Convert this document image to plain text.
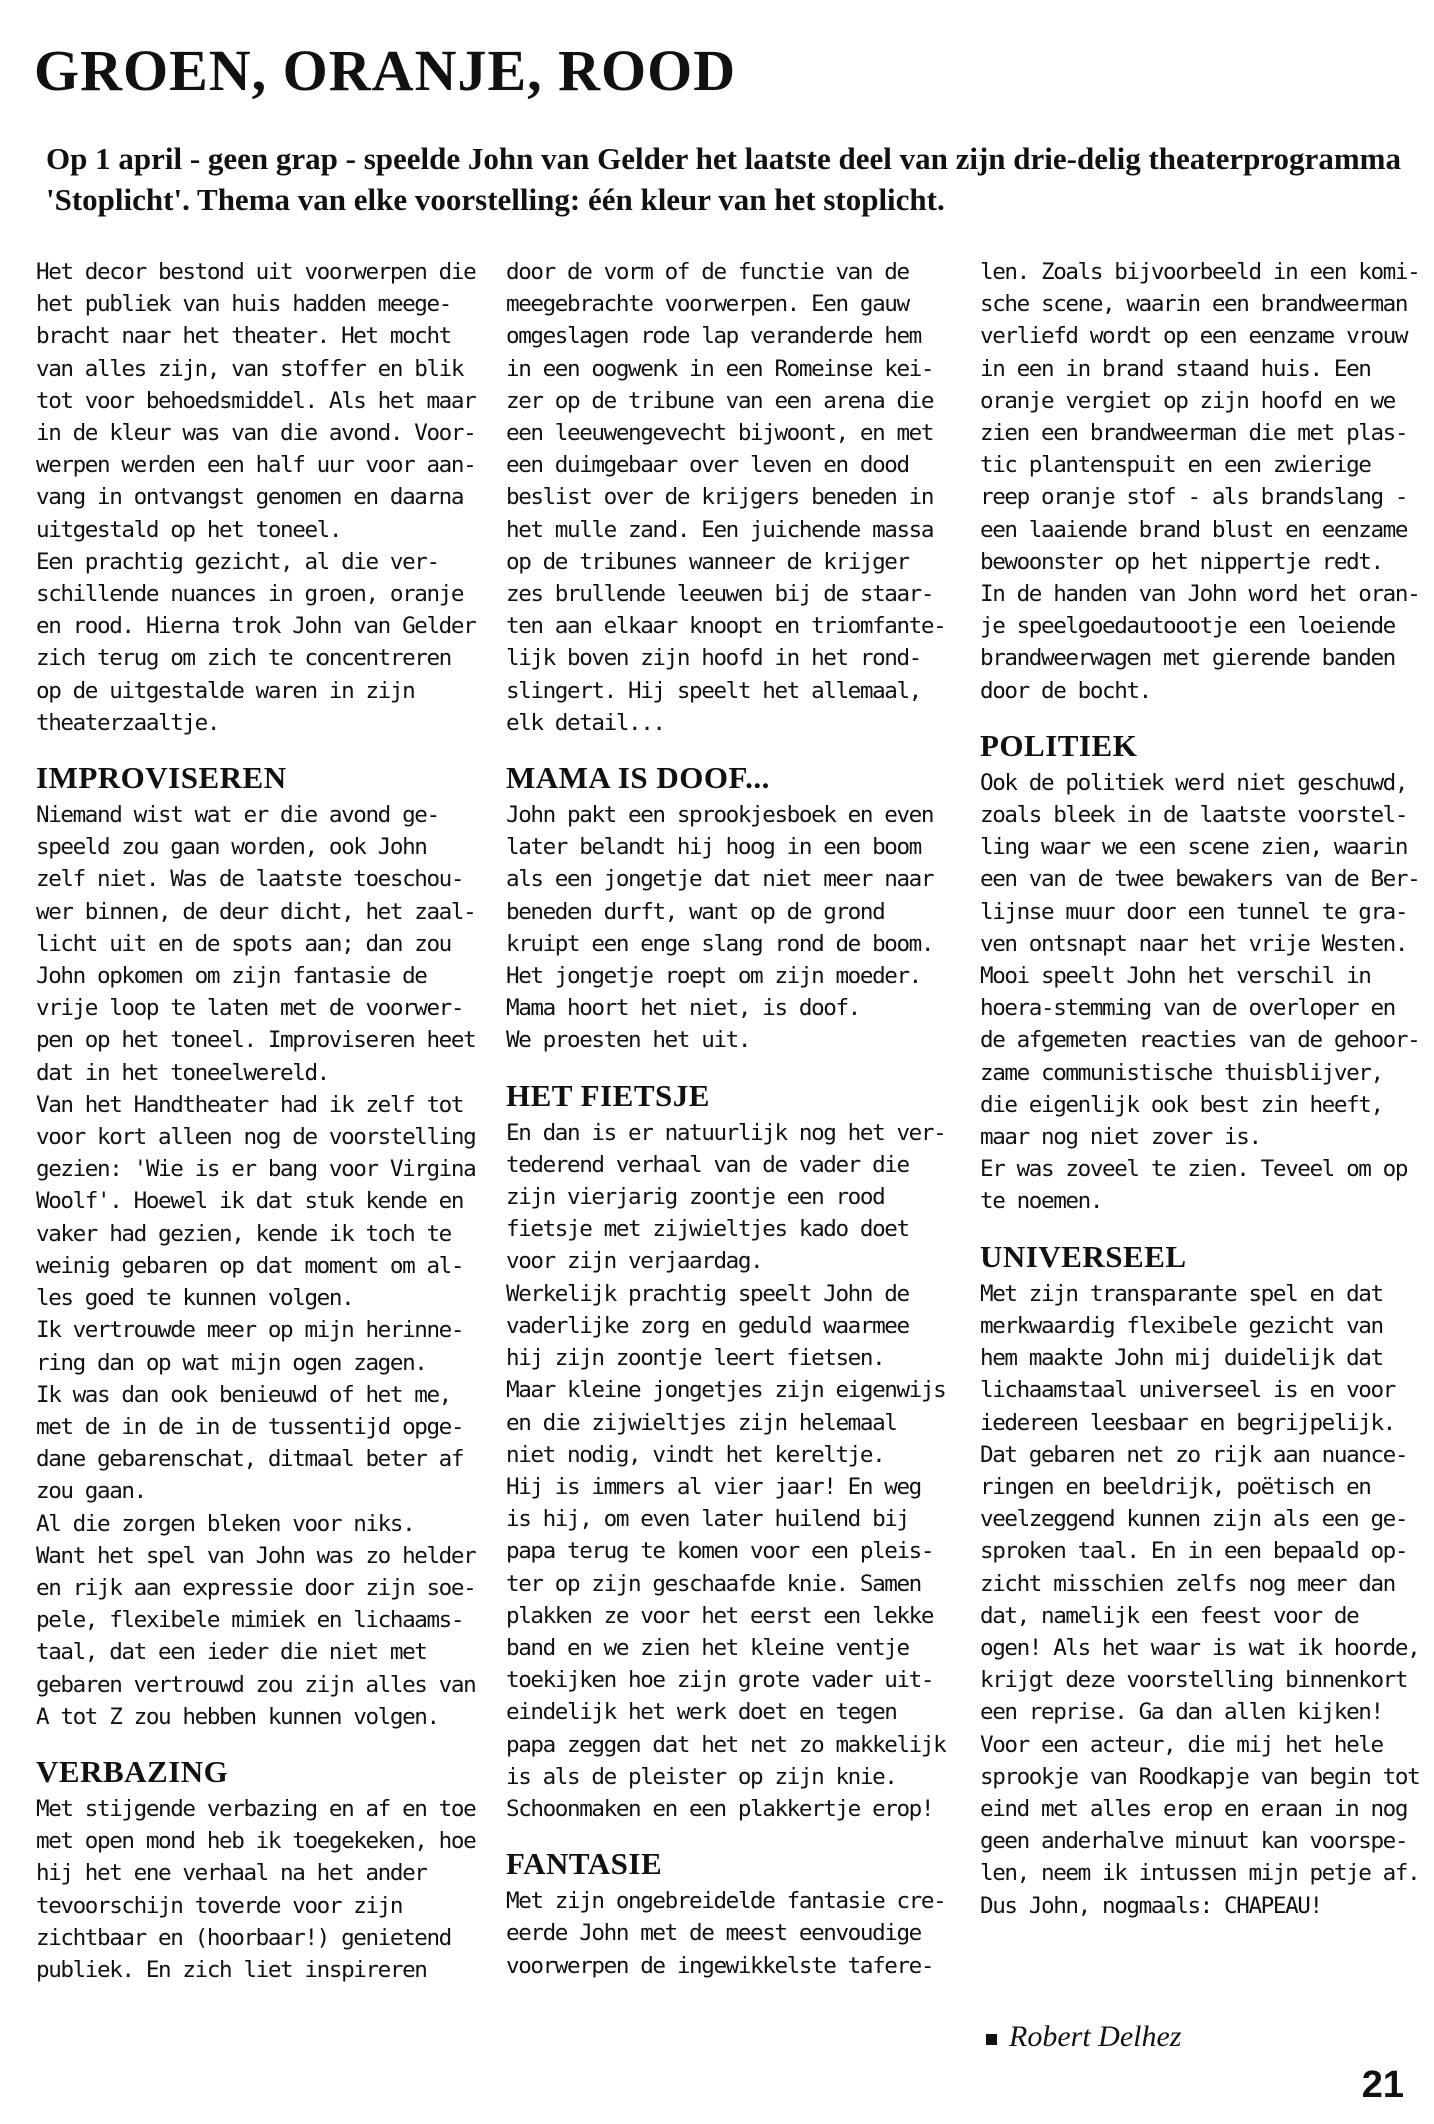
GROEN, ORANJE, ROOD

Op 1 april - geen grap - speelde John van Gelder het laatste deel van zijn drie-delig theaterprogramma 'Stoplicht'. Thema van elke voorstelling: één kleur van het stoplicht.

Het decor bestond uit voorwerpen die
het publiek van huis hadden meege-
bracht naar het theater. Het mocht
van alles zijn, van stoffer en blik
tot voor behoedsmiddel. Als het maar
in de kleur was van die avond. Voor-
werpen werden een half uur voor aan-
vang in ontvangst genomen en daarna
uitgestald op het toneel.
Een prachtig gezicht, al die ver-
schillende nuances in groen, oranje
en rood. Hierna trok John van Gelder
zich terug om zich te concentreren
op de uitgestalde waren in zijn
theaterzaaltje.

IMPROVISEREN

Niemand wist wat er die avond ge-
speeld zou gaan worden, ook John
zelf niet. Was de laatste toeschou-
wer binnen, de deur dicht, het zaal-
licht uit en de spots aan; dan zou
John opkomen om zijn fantasie de
vrije loop te laten met de voorwer-
pen op het toneel. Improviseren heet
dat in het toneelwereld.
Van het Handtheater had ik zelf tot
voor kort alleen nog de voorstelling
gezien: 'Wie is er bang voor Virgina
Woolf'. Hoewel ik dat stuk kende en
vaker had gezien, kende ik toch te
weinig gebaren op dat moment om al-
les goed te kunnen volgen.
Ik vertrouwde meer op mijn herinne-
ring dan op wat mijn ogen zagen.
Ik was dan ook benieuwd of het me,
met de in de in de tussentijd opge-
dane gebarenschat, ditmaal beter af
zou gaan.
Al die zorgen bleken voor niks.
Want het spel van John was zo helder
en rijk aan expressie door zijn soe-
pele, flexibele mimiek en lichaams-
taal, dat een ieder die niet met
gebaren vertrouwd zou zijn alles van
A tot Z zou hebben kunnen volgen.

VERBAZING

Met stijgende verbazing en af en toe
met open mond heb ik toegekeken, hoe
hij het ene verhaal na het ander
tevoorschijn toverde voor zijn
zichtbaar en (hoorbaar!) genietend
publiek. En zich liet inspireren

door de vorm of de functie van de
meegebrachte voorwerpen. Een gauw
omgeslagen rode lap veranderde hem
in een oogwenk in een Romeinse kei-
zer op de tribune van een arena die
een leeuwengevecht bijwoont, en met
een duimgebaar over leven en dood
beslist over de krijgers beneden in
het mulle zand. Een juichende massa
op de tribunes wanneer de krijger
zes brullende leeuwen bij de staar-
ten aan elkaar knoopt en triomfante-
lijk boven zijn hoofd in het rond-
slingert. Hij speelt het allemaal,
elk detail...

MAMA IS DOOF...

John pakt een sprookjesboek en even
later belandt hij hoog in een boom
als een jongetje dat niet meer naar
beneden durft, want op de grond
kruipt een enge slang rond de boom.
Het jongetje roept om zijn moeder.
Mama hoort het niet, is doof.
We proesten het uit.

HET FIETSJE

En dan is er natuurlijk nog het ver-
tederend verhaal van de vader die
zijn vierjarig zoontje een rood
fietsje met zijwieltjes kado doet
voor zijn verjaardag.
Werkelijk prachtig speelt John de
vaderlijke zorg en geduld waarmee
hij zijn zoontje leert fietsen.
Maar kleine jongetjes zijn eigenwijs
en die zijwieltjes zijn helemaal
niet nodig, vindt het kereltje.
Hij is immers al vier jaar! En weg
is hij, om even later huilend bij
papa terug te komen voor een pleis-
ter op zijn geschaafde knie. Samen
plakken ze voor het eerst een lekke
band en we zien het kleine ventje
toekijken hoe zijn grote vader uit-
eindelijk het werk doet en tegen
papa zeggen dat het net zo makkelijk
is als de pleister op zijn knie.
Schoonmaken en een plakkertje erop!

FANTASIE

Met zijn ongebreidelde fantasie cre-
eerde John met de meest eenvoudige
voorwerpen de ingewikkelste tafere-

len. Zoals bijvoorbeeld in een komi-
sche scene, waarin een brandweerman
verliefd wordt op een eenzame vrouw
in een in brand staand huis. Een
oranje vergiet op zijn hoofd en we
zien een brandweerman die met plas-
tic plantenspuit en een zwierige
reep oranje stof - als brandslang -
een laaiende brand blust en eenzame
bewoonster op het nippertje redt.
In de handen van John word het oran-
je speelgoedautoootje een loeiende
brandweerwagen met gierende banden
door de bocht.

POLITIEK

Ook de politiek werd niet geschuwd,
zoals bleek in de laatste voorstel-
ling waar we een scene zien, waarin
een van de twee bewakers van de Ber-
lijnse muur door een tunnel te gra-
ven ontsnapt naar het vrije Westen.
Mooi speelt John het verschil in
hoera-stemming van de overloper en
de afgemeten reacties van de gehoor-
zame communistische thuisblijver,
die eigenlijk ook best zin heeft,
maar nog niet zover is.
Er was zoveel te zien. Teveel om op
te noemen.

UNIVERSEEL

Met zijn transparante spel en dat
merkwaardig flexibele gezicht van
hem maakte John mij duidelijk dat
lichaamstaal universeel is en voor
iedereen leesbaar en begrijpelijk.
Dat gebaren net zo rijk aan nuance-
ringen en beeldrijk, poëtisch en
veelzeggend kunnen zijn als een ge-
sproken taal. En in een bepaald op-
zicht misschien zelfs nog meer dan
dat, namelijk een feest voor de
ogen! Als het waar is wat ik hoorde,
krijgt deze voorstelling binnenkort
een reprise. Ga dan allen kijken!
Voor een acteur, die mij het hele
sprookje van Roodkapje van begin tot
eind met alles erop en eraan in nog
geen anderhalve minuut kan voorspe-
len, neem ik intussen mijn petje af.
Dus John, nogmaals: CHAPEAU!

Robert Delhez
21
